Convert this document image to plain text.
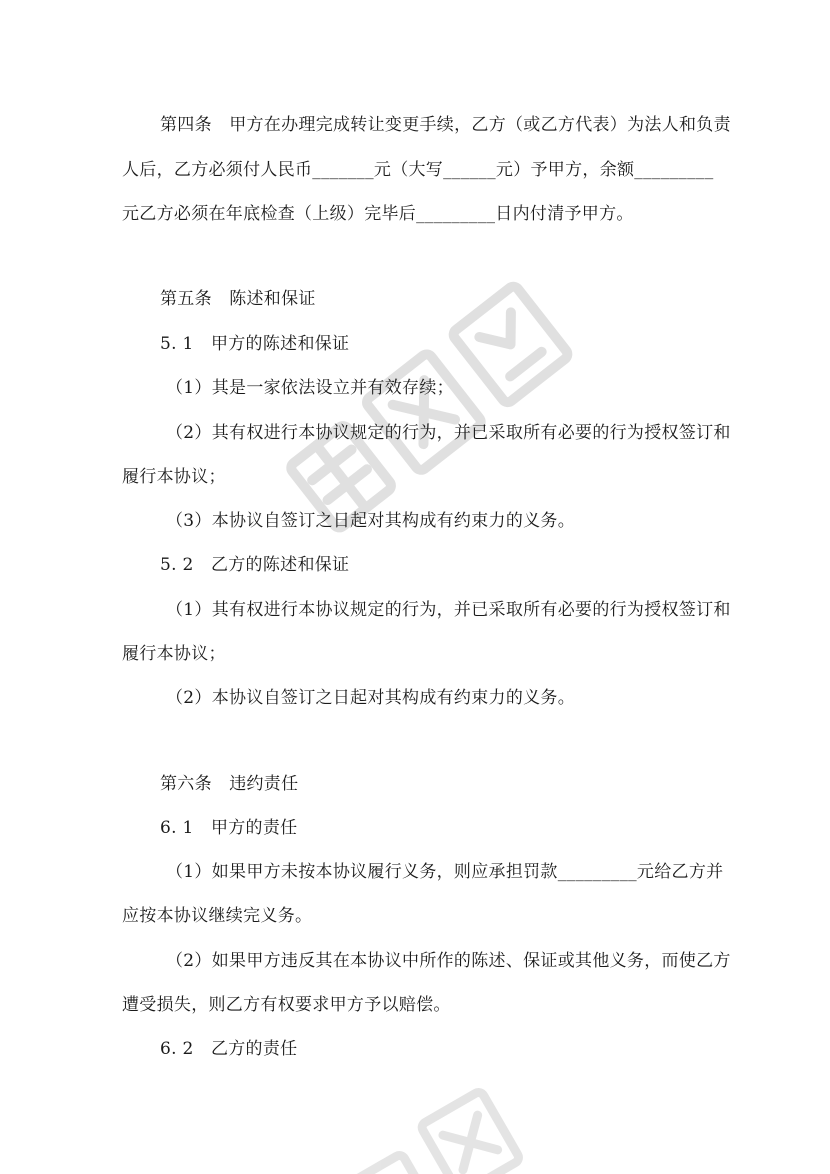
第四条　甲方在办理完成转让变更手续，乙方（或乙方代表）为法人和负责
人后，乙方必须付人民币_______元（大写______元）予甲方，余额_________
元乙方必须在年底检查（上级）完毕后_________日内付清予甲方。
第五条　陈述和保证
5. 1　甲方的陈述和保证
（1）其是一家依法设立并有效存续；
（2）其有权进行本协议规定的行为，并已采取所有必要的行为授权签订和
履行本协议；
（3）本协议自签订之日起对其构成有约束力的义务。
5. 2　乙方的陈述和保证
（1）其有权进行本协议规定的行为，并已采取所有必要的行为授权签订和
履行本协议；
（2）本协议自签订之日起对其构成有约束力的义务。
第六条　违约责任
6. 1　甲方的责任
（1）如果甲方未按本协议履行义务，则应承担罚款_________元给乙方并
应按本协议继续完义务。
（2）如果甲方违反其在本协议中所作的陈述、保证或其他义务，而使乙方
遭受损失，则乙方有权要求甲方予以赔偿。
6. 2　乙方的责任
